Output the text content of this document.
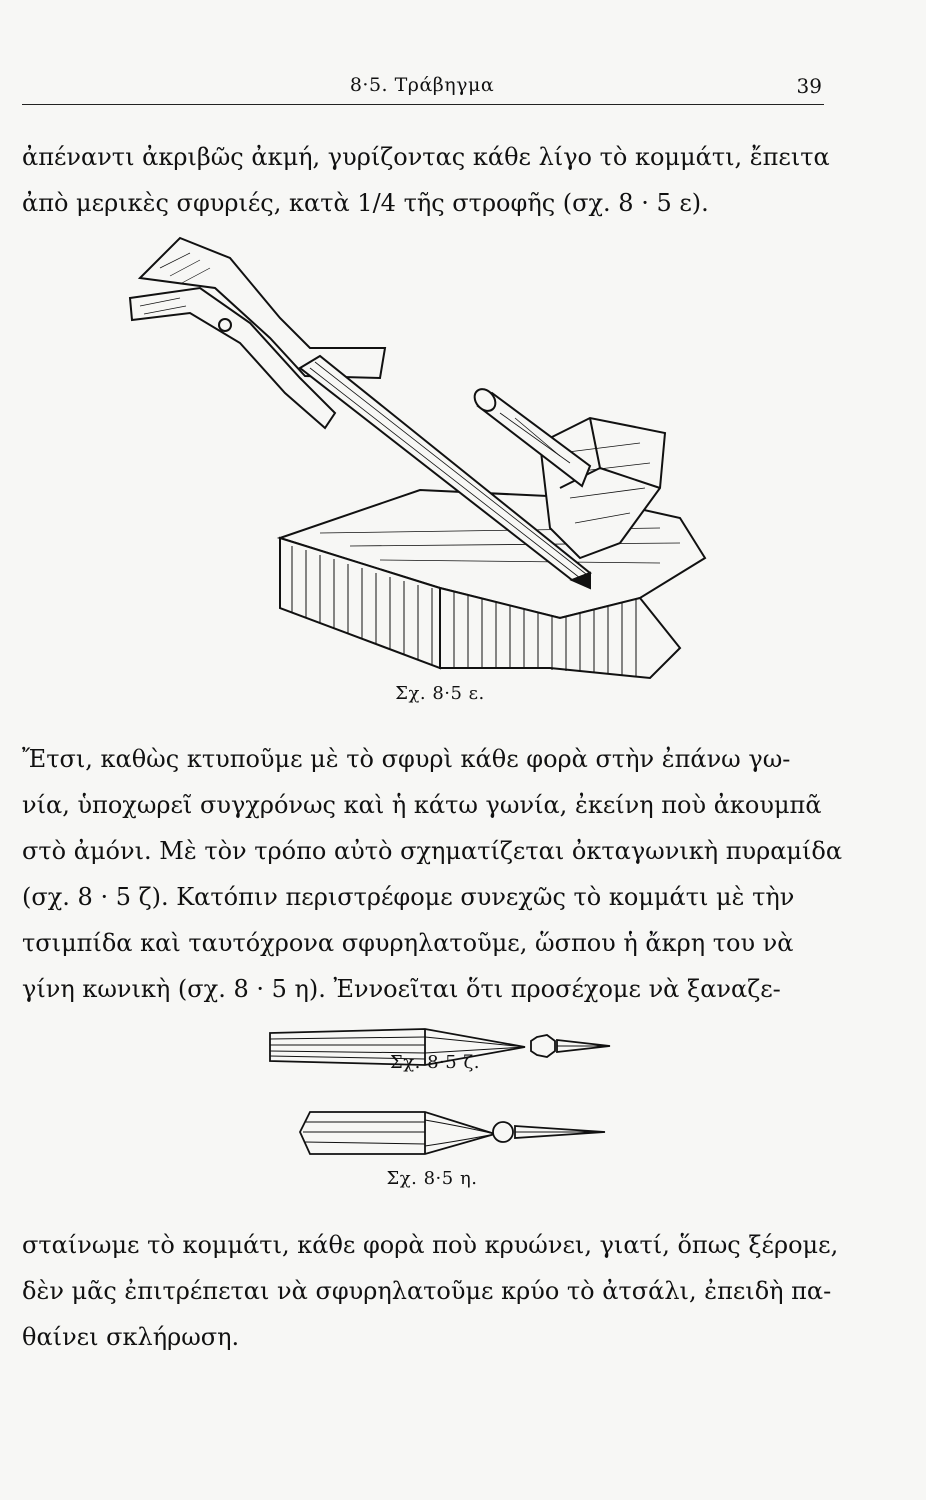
8·5. Τράβηγμα	39
ἀπέναντι ἀκριβῶς ἀκμή, γυρίζοντας κάθε λίγο τὸ κομμάτι, ἔπειτα
ἀπὸ μερικὲς σφυριές, κατὰ 1/4 τῆς στροφῆς (σχ. 8 · 5 ε).
Σχ. 8·5 ε.
Ἔτσι, καθὼς κτυποῦμε μὲ τὸ σφυρὶ κάθε φορὰ στὴν ἐπάνω γω-
νία, ὑποχωρεῖ συγχρόνως καὶ ἡ κάτω γωνία, ἐκείνη ποὺ ἀκουμπᾶ
στὸ ἀμόνι. Μὲ τὸν τρόπο αὐτὸ σχηματίζεται ὀκταγωνικὴ πυραμίδα
(σχ. 8 · 5 ζ). Κατόπιν περιστρέφομε συνεχῶς τὸ κομμάτι μὲ τὴν
τσιμπίδα καὶ ταυτόχρονα σφυρηλατοῦμε, ὥσπου ἡ ἄκρη του νὰ
γίνη κωνικὴ (σχ. 8 · 5 η). Ἐννοεῖται ὅτι προσέχομε νὰ ξαναζε-
Σχ. 8·5 ζ.
Σχ. 8·5 η.
σταίνωμε τὸ κομμάτι, κάθε φορὰ ποὺ κρυώνει, γιατί, ὅπως ξέρομε,
δὲν μᾶς ἐπιτρέπεται νὰ σφυρηλατοῦμε κρύο τὸ ἀτσάλι, ἐπειδὴ πα-
θαίνει σκλήρωση.
